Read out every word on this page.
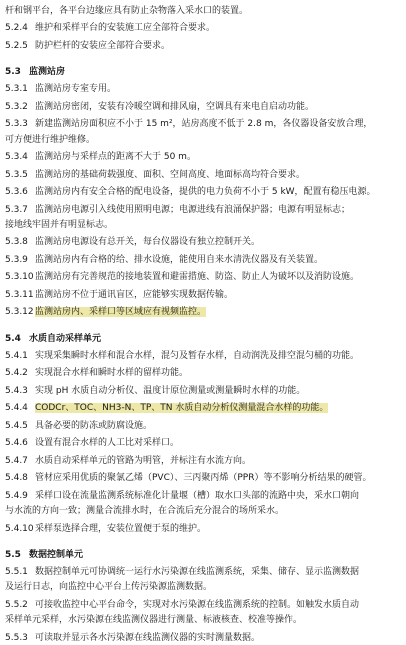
杆和钢平台，各平台边缘应具有防止杂物落入采水口的装置。
5.2.4 维护和采样平台的安装施工应全部符合要求。
5.2.5 防护栏杆的安装应全部符合要求。
5.3 监测站房
5.3.1 监测站房专室专用。
5.3.2 监测站房密闭，安装有冷暖空调和排风扇，空调具有来电自启动功能。
5.3.3 新建监测站房面积应不小于 15 m²，站房高度不低于 2.8 m，各仪器设备安放合理，
可方便进行维护维修。
5.3.4 监测站房与采样点的距离不大于 50 m。
5.3.5 监测站房的基础荷载强度、面积、空间高度、地面标高均符合要求。
5.3.6 监测站房内有安全合格的配电设备，提供的电力负荷不小于 5 kW，配置有稳压电源。
5.3.7 监测站房电源引入线使用照明电源；电源进线有浪涌保护器；电源有明显标志；
接地线牢固并有明显标志。
5.3.8 监测站房电源设有总开关，每台仪器设有独立控制开关。
5.3.9 监测站房内有合格的给、排水设施，能使用自来水清洗仪器及有关装置。
5.3.10监测站房有完善规范的接地装置和避雷措施、防盗、防止人为破坏以及消防设施。
5.3.11监测站房不位于通讯盲区，应能够实现数据传输。
5.3.12监测站房内、采样口等区域应有视频监控。
5.4 水质自动采样单元
5.4.1 实现采集瞬时水样和混合水样，混匀及暂存水样，自动润洗及排空混匀桶的功能。
5.4.2 实现混合水样和瞬时水样的留样功能。
5.4.3 实现 pH 水质自动分析仪、温度计原位测量或测量瞬时水样的功能。
5.4.4 CODCr、TOC、NH3-N、TP、TN 水质自动分析仪测量混合水样的功能。
5.4.5 具备必要的防冻或防腐设施。
5.4.6 设置有混合水样的人工比对采样口。
5.4.7 水质自动采样单元的管路为明管，并标注有水流方向。
5.4.8 管材应采用优质的聚氯乙烯（PVC）、三丙聚丙烯（PPR）等不影响分析结果的硬管。
5.4.9 采样口设在流量监测系统标准化计量堰（槽）取水口头部的流路中央，采水口朝向
与水流的方向一致；测量合流排水时，在合流后充分混合的场所采水。
5.4.10采样泵选择合理，安装位置便于泵的维护。
5.5 数据控制单元
5.5.1 数据控制单元可协调统一运行水污染源在线监测系统，采集、储存、显示监测数据
及运行日志，向监控中心平台上传污染源监测数据。
5.5.2 可接收监控中心平台命令，实现对水污染源在线监测系统的控制。如触发水质自动
采样单元采样，水污染源在线监测仪器进行测量、标液核查、校准等操作。
5.5.3 可读取并显示各水污染源在线监测仪器的实时测量数据。
